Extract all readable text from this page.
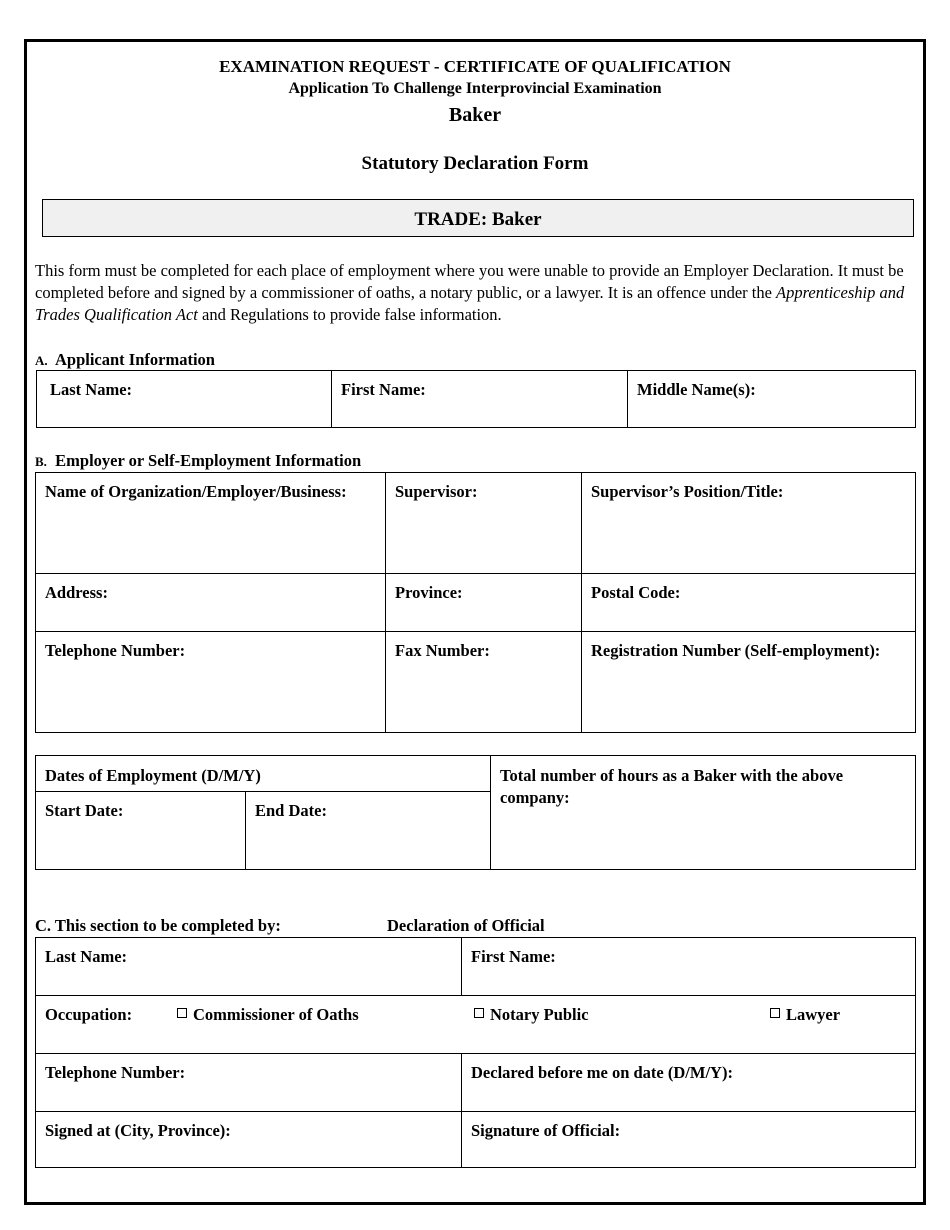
EXAMINATION REQUEST - CERTIFICATE OF QUALIFICATION
Application To Challenge Interprovincial Examination
Baker
Statutory Declaration Form
TRADE: Baker
This form must be completed for each place of employment where you were unable to provide an Employer Declaration. It must be completed before and signed by a commissioner of oaths, a notary public, or a lawyer. It is an offence under the Apprenticeship and Trades Qualification Act and Regulations to provide false information.
A. Applicant Information
Last Name:	First Name:	Middle Name(s):
B. Employer or Self-Employment Information
Name of Organization/Employer/Business:	Supervisor:	Supervisor’s Position/Title:
Address:	Province:	Postal Code:
Telephone Number:	Fax Number:	Registration Number (Self-employment):
Dates of Employment (D/M/Y)		Total number of hours as a Baker with the above company:
Start Date:	End Date:	
C. This section to be completed by:	Declaration of Official
Last Name:	First Name:
Occupation: Commissioner of Oaths Notary Public Lawyer	

Telephone Number:	Declared before me on date (D/M/Y):
Signed at (City, Province):	Signature of Official:
